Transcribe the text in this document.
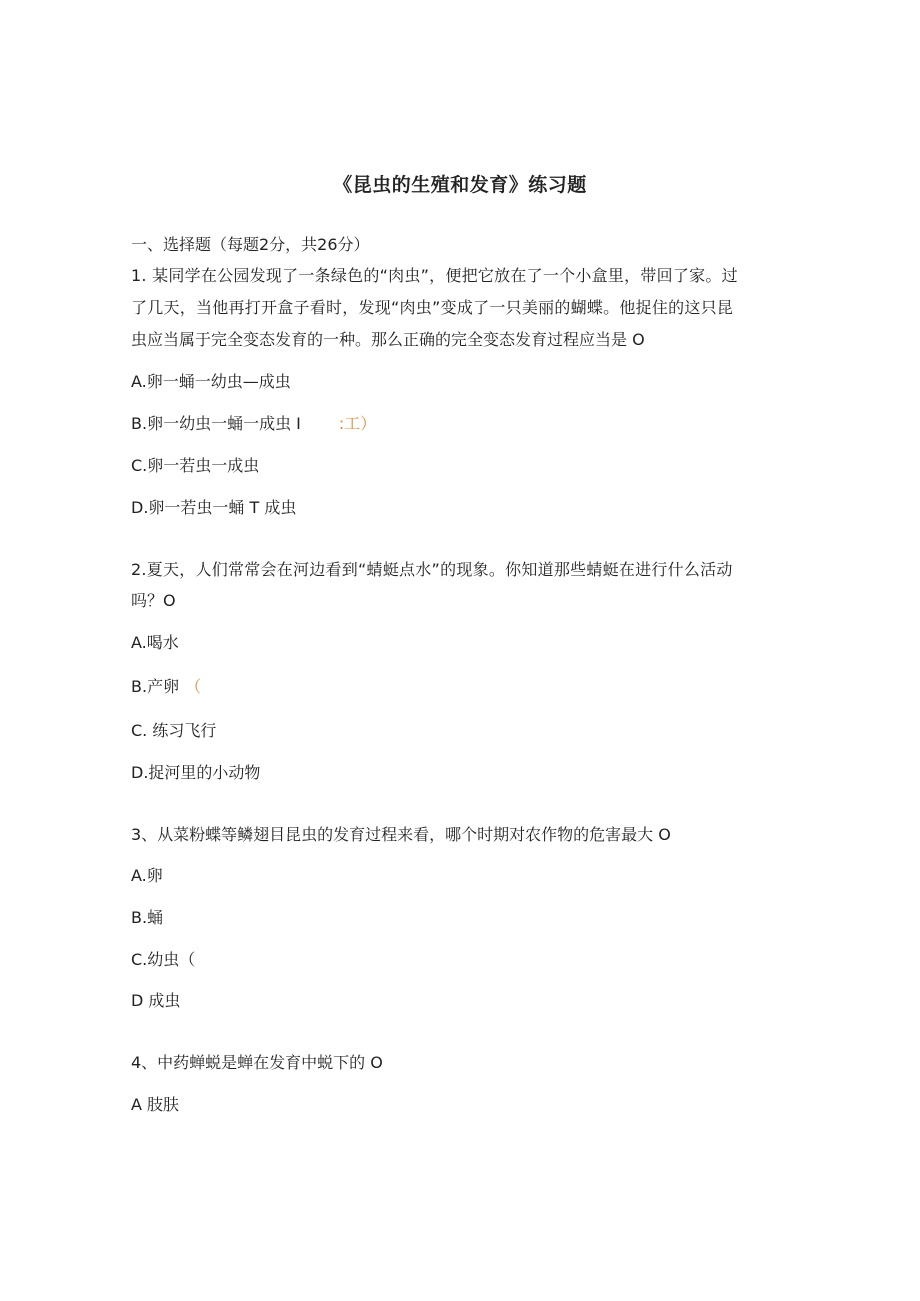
《昆虫的生殖和发育》练习题
一、选择题（每题2分，共26分）
1. 某同学在公园发现了一条绿色的“肉虫”，便把它放在了一个小盒里，带回了家。过
了几天，当他再打开盒子看时，发现“肉虫”变成了一只美丽的蝴蝶。他捉住的这只昆
虫应当属于完全变态发育的一种。那么正确的完全变态发育过程应当是 O
A.卵一蛹一幼虫—成虫
B.卵一幼虫一蛹一成虫 I :工）
C.卵一若虫一成虫
D.卵一若虫一蛹 T 成虫
2.夏天，人们常常会在河边看到“蜻蜓点水”的现象。你知道那些蜻蜓在进行什么活动
吗？O
A.喝水
B.产卵 （
C. 练习飞行
D.捉河里的小动物
3、从菜粉蝶等鳞翅目昆虫的发育过程来看，哪个时期对农作物的危害最大 O
A.卵
B.蛹
C.幼虫（
D 成虫
4、中药蝉蜕是蝉在发育中蜕下的 O
A 肢肤
